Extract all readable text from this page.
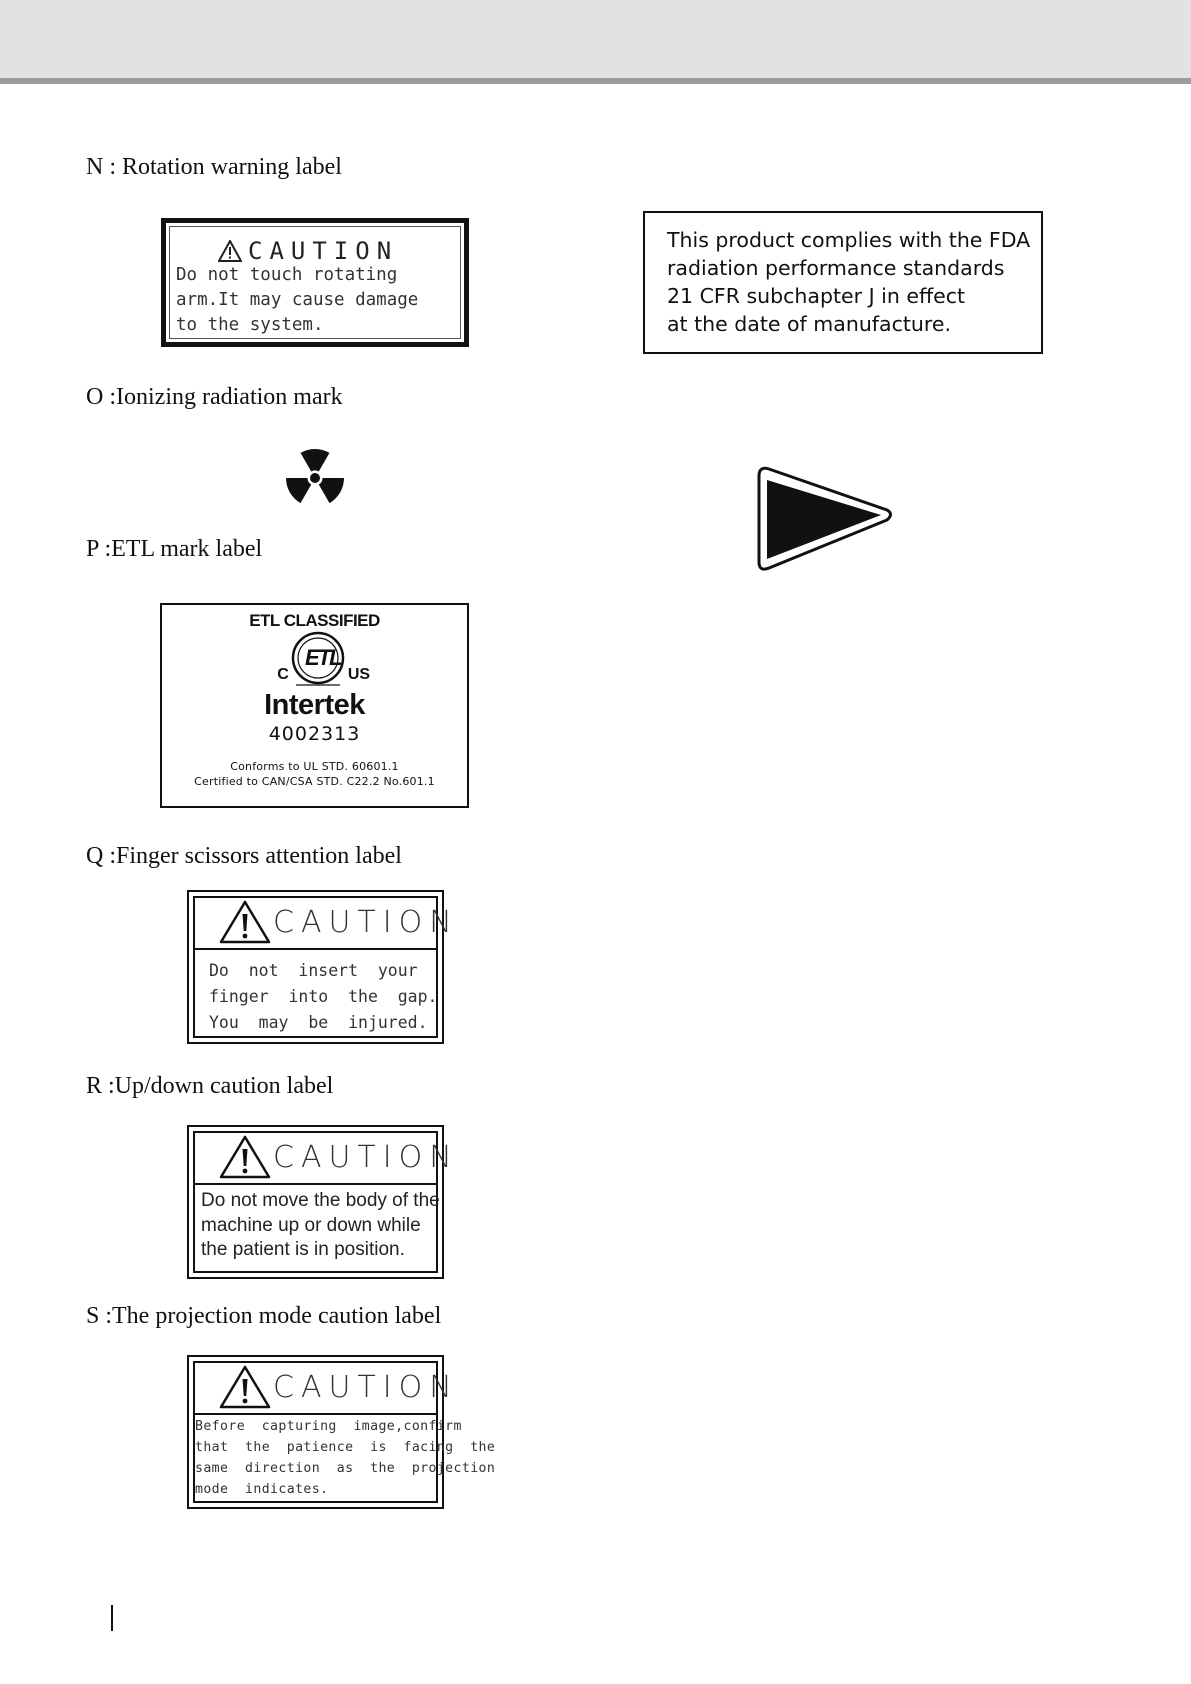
N : Rotation warning label
CAUTION
Do not touch rotating
arm.It may cause damage
to the system.
This product complies with the FDA
radiation performance standards
21 CFR subchapter J in effect
at the date of manufacture.
O :Ionizing radiation mark
P :ETL mark label
ETL CLASSIFIED
ETL
C	US
Intertek
4002313
Conforms to UL STD. 60601.1
Certified to CAN/CSA STD. C22.2 No.601.1
Q :Finger scissors attention label
CAUTION
Do  not  insert  your
finger  into  the  gap.
You  may  be  injured.
R :Up/down caution label
CAUTION
Do not move the body of the
machine up or down while
the patient is in position.
S :The projection mode caution label
CAUTION
Before  capturing  image,confirm
that  the  patience  is  facing  the
same  direction  as  the  projection
mode  indicates.
